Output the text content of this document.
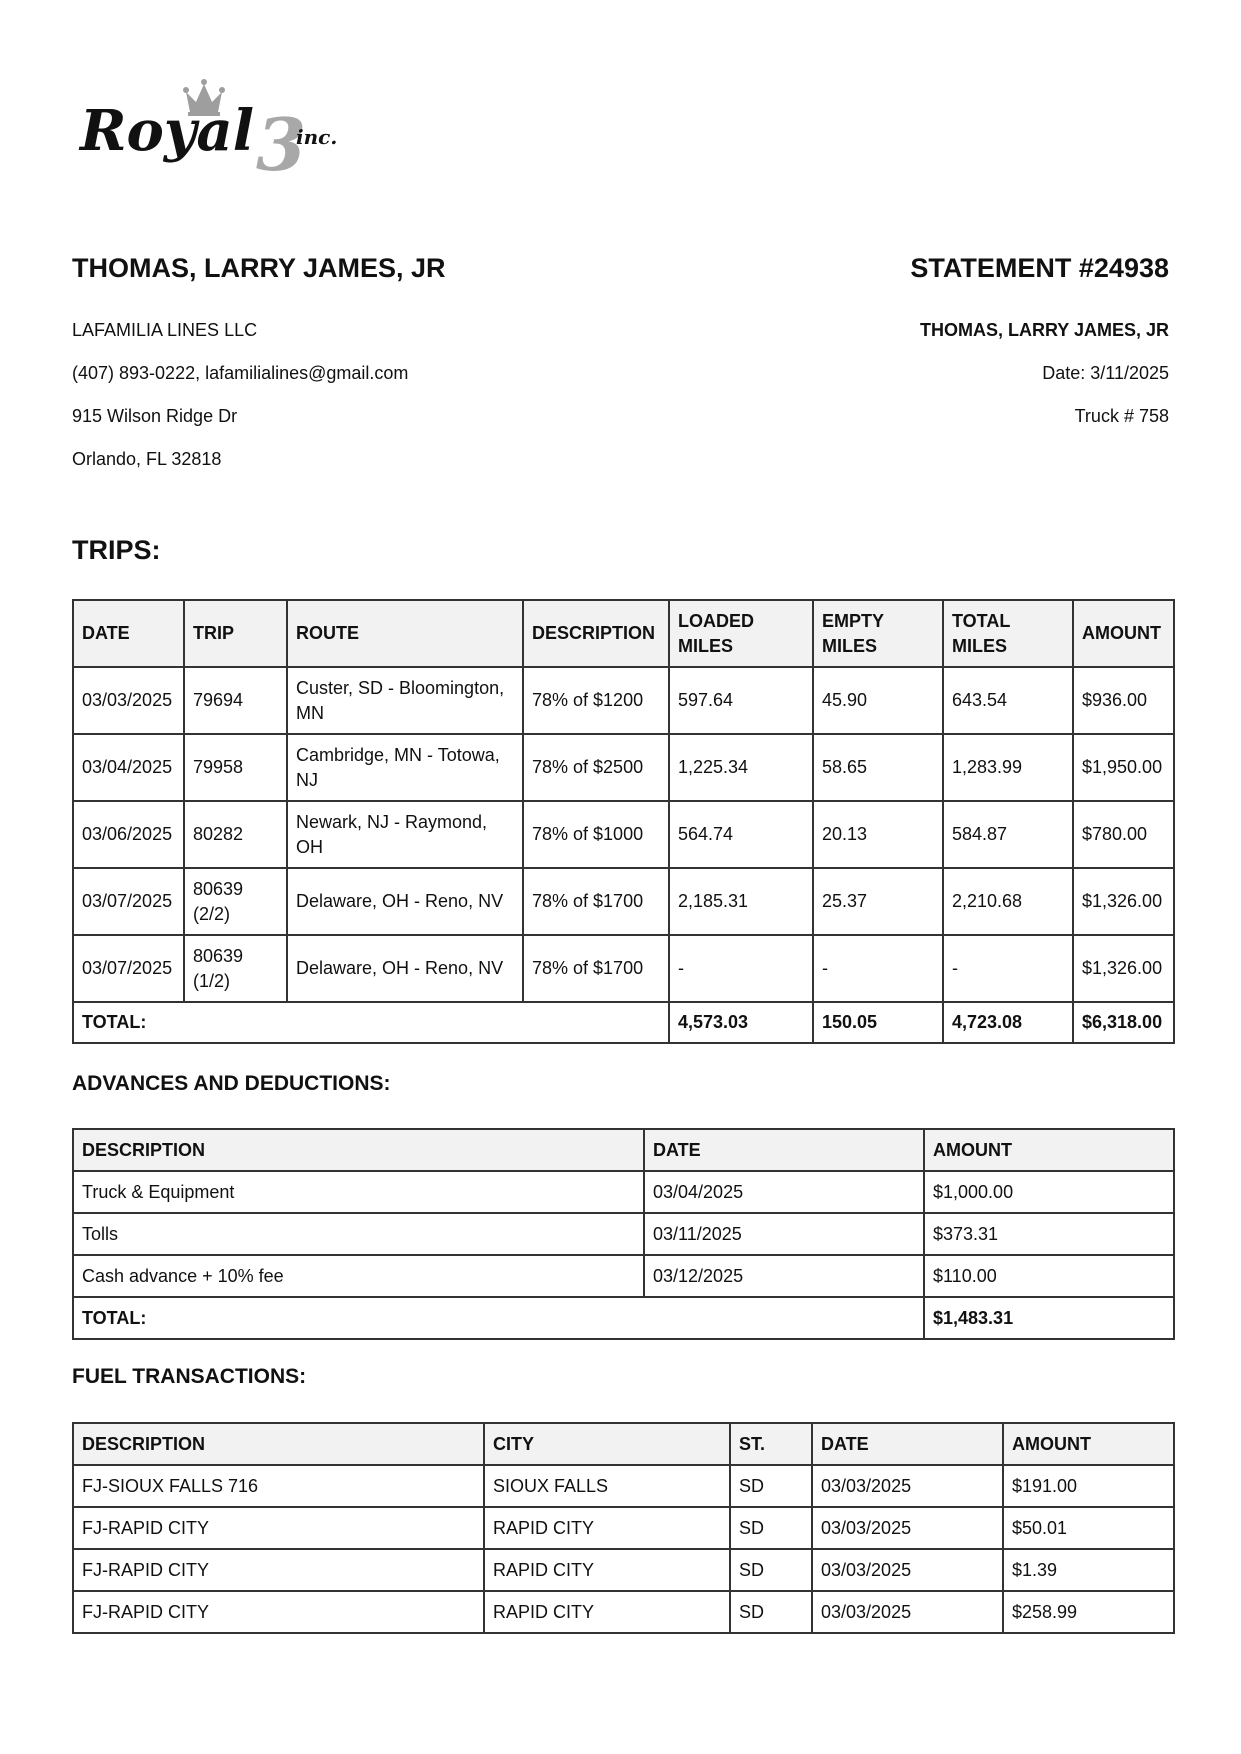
Royal 3
inc.
THOMAS, LARRY JAMES, JR
LAFAMILIA LINES LLC
(407) 893-0222, lafamilialines@gmail.com
915 Wilson Ridge Dr
Orlando, FL 32818
STATEMENT #24938
THOMAS, LARRY JAMES, JR
Date: 3/11/2025
Truck # 758
TRIPS:
DATE	TRIP	ROUTE	DESCRIPTION	LOADED MILES	EMPTY MILES	TOTAL MILES	AMOUNT
03/03/2025	79694	Custer, SD - Bloomington, MN	78% of $1200	597.64	45.90	643.54	$936.00
03/04/2025	79958	Cambridge, MN - Totowa, NJ	78% of $2500	1,225.34	58.65	1,283.99	$1,950.00
03/06/2025	80282	Newark, NJ - Raymond, OH	78% of $1000	564.74	20.13	584.87	$780.00
03/07/2025	80639 (2/2)	Delaware, OH - Reno, NV	78% of $1700	2,185.31	25.37	2,210.68	$1,326.00
03/07/2025	80639 (1/2)	Delaware, OH - Reno, NV	78% of $1700	-	-	-	$1,326.00
TOTAL:				4,573.03	150.05	4,723.08	$6,318.00
ADVANCES AND DEDUCTIONS:
DESCRIPTION	DATE	AMOUNT
Truck & Equipment	03/04/2025	$1,000.00
Tolls	03/11/2025	$373.31
Cash advance + 10% fee	03/12/2025	$110.00
TOTAL:		$1,483.31
FUEL TRANSACTIONS:
DESCRIPTION	CITY	ST.	DATE	AMOUNT
FJ-SIOUX FALLS 716	SIOUX FALLS	SD	03/03/2025	$191.00
FJ-RAPID CITY	RAPID CITY	SD	03/03/2025	$50.01
FJ-RAPID CITY	RAPID CITY	SD	03/03/2025	$1.39
FJ-RAPID CITY	RAPID CITY	SD	03/03/2025	$258.99
